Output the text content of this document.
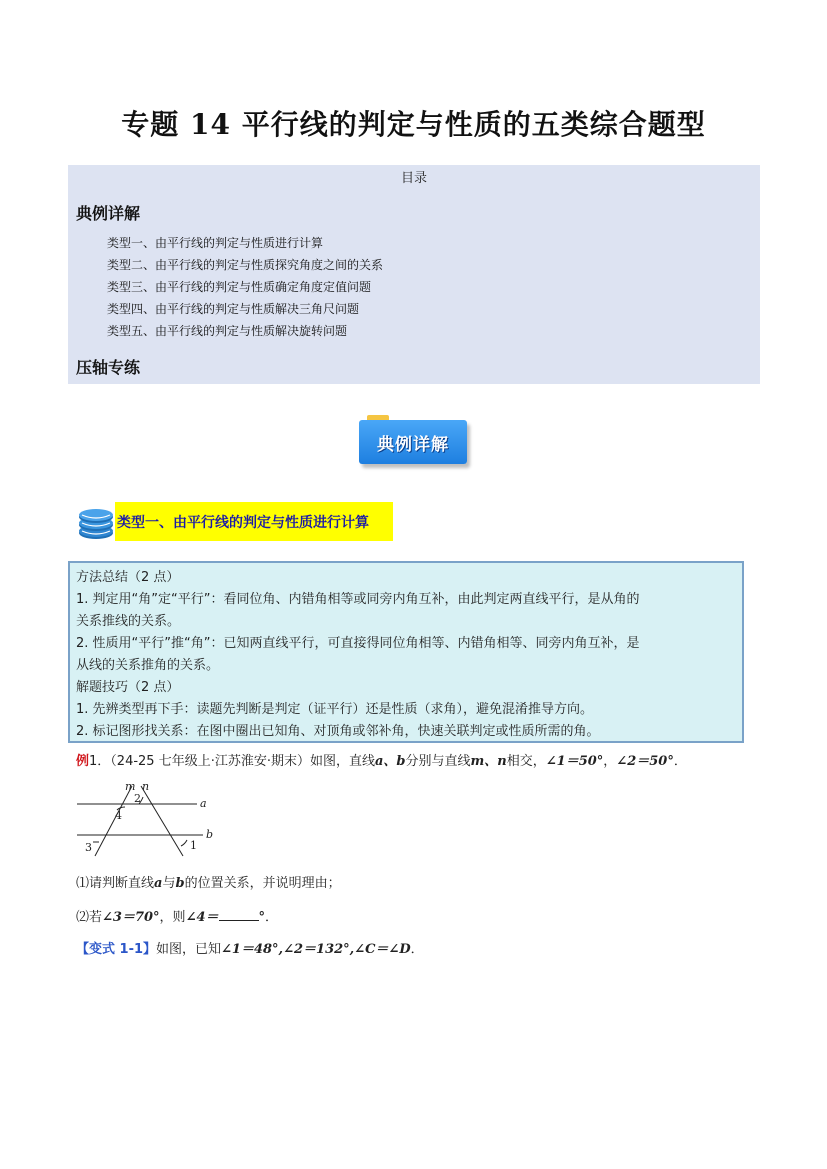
专题 14 平行线的判定与性质的五类综合题型
目录
典例详解
类型一、由平行线的判定与性质进行计算
类型二、由平行线的判定与性质探究角度之间的关系
类型三、由平行线的判定与性质确定角度定值问题
类型四、由平行线的判定与性质解决三角尺问题
类型五、由平行线的判定与性质解决旋转问题
压轴专练
典例详解
类型一、由平行线的判定与性质进行计算
方法总结（2 点）
1. 判定用“角”定“平行”：看同位角、内错角相等或同旁内角互补，由此判定两直线平行，是从角的
关系推线的关系。
2. 性质用“平行”推“角”：已知两直线平行，可直接得同位角相等、内错角相等、同旁内角互补，是
从线的关系推角的关系。
解题技巧（2 点）
1. 先辨类型再下手：读题先判断是判定（证平行）还是性质（求角），避免混淆推导方向。
2. 标记图形找关系：在图中圈出已知角、对顶角或邻补角，快速关联判定或性质所需的角。
例1．（24-25 七年级上·江苏淮安·期末）如图，直线a、b分别与直线m、n相交，∠1＝50°，∠2＝50°．
m n
a
b
2
4
3	1
⑴请判断直线a与b的位置关系，并说明理由；
⑵若∠3＝70°，则∠4＝	°．
【变式 1-1】如图，已知∠1＝48°,∠2＝132°,∠C＝∠D．
